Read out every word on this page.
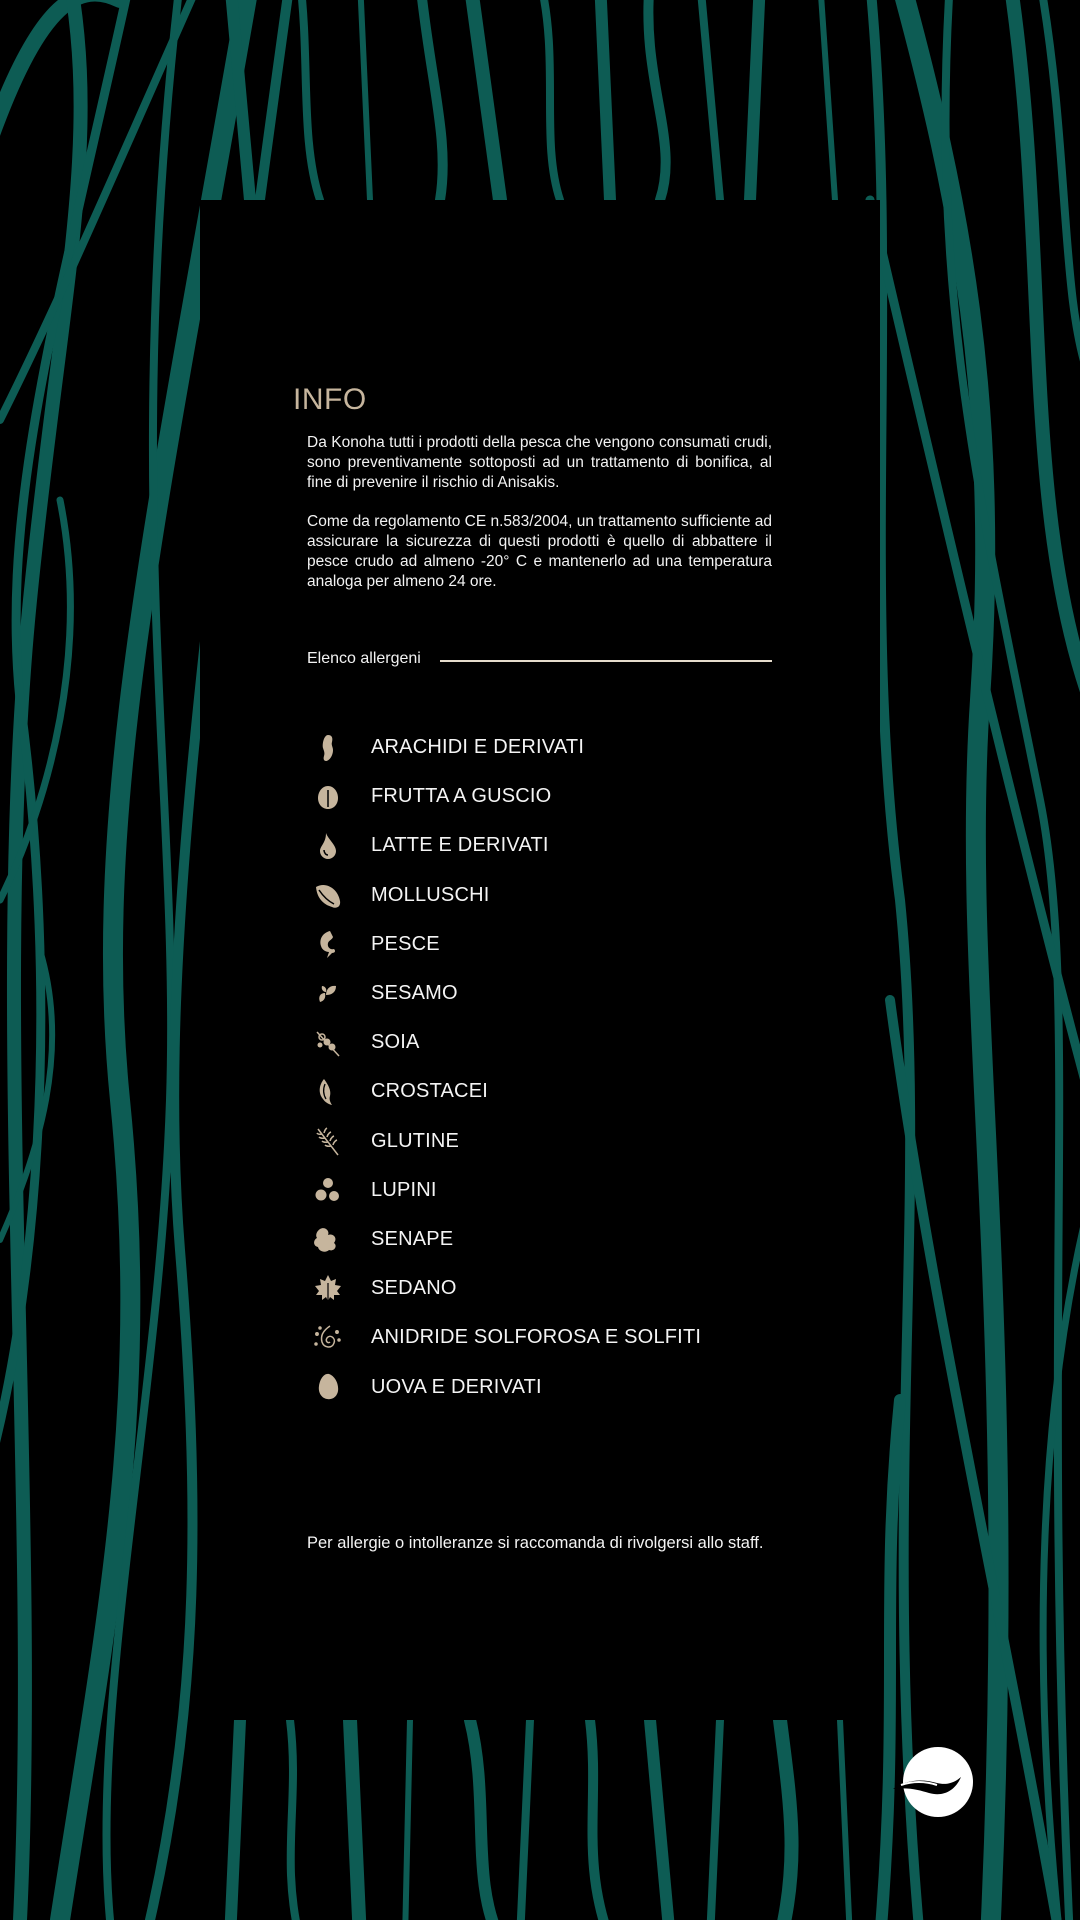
INFO

Da Konoha tutti i prodotti della pesca che vengono consumati crudi, sono preventivamente sottoposti ad un trattamento di bonifica, al fine di prevenire il rischio di Anisakis.

Come da regolamento CE n.583/2004, un trattamento sufficiente ad assicurare la sicurezza di questi prodotti è quello di abbattere il pesce crudo ad almeno -20° C e mantenerlo ad una temperatura analoga per almeno 24 ore.

Elenco allergeni
ARACHIDI E DERIVATI
FRUTTA A GUSCIO
LATTE E DERIVATI
MOLLUSCHI
PESCE
SESAMO
SOIA
CROSTACEI
GLUTINE
LUPINI
SENAPE
SEDANO
ANIDRIDE SOLFOROSA E SOLFITI
UOVA E DERIVATI

Per allergie o intolleranze si raccomanda di rivolgersi allo staff.
